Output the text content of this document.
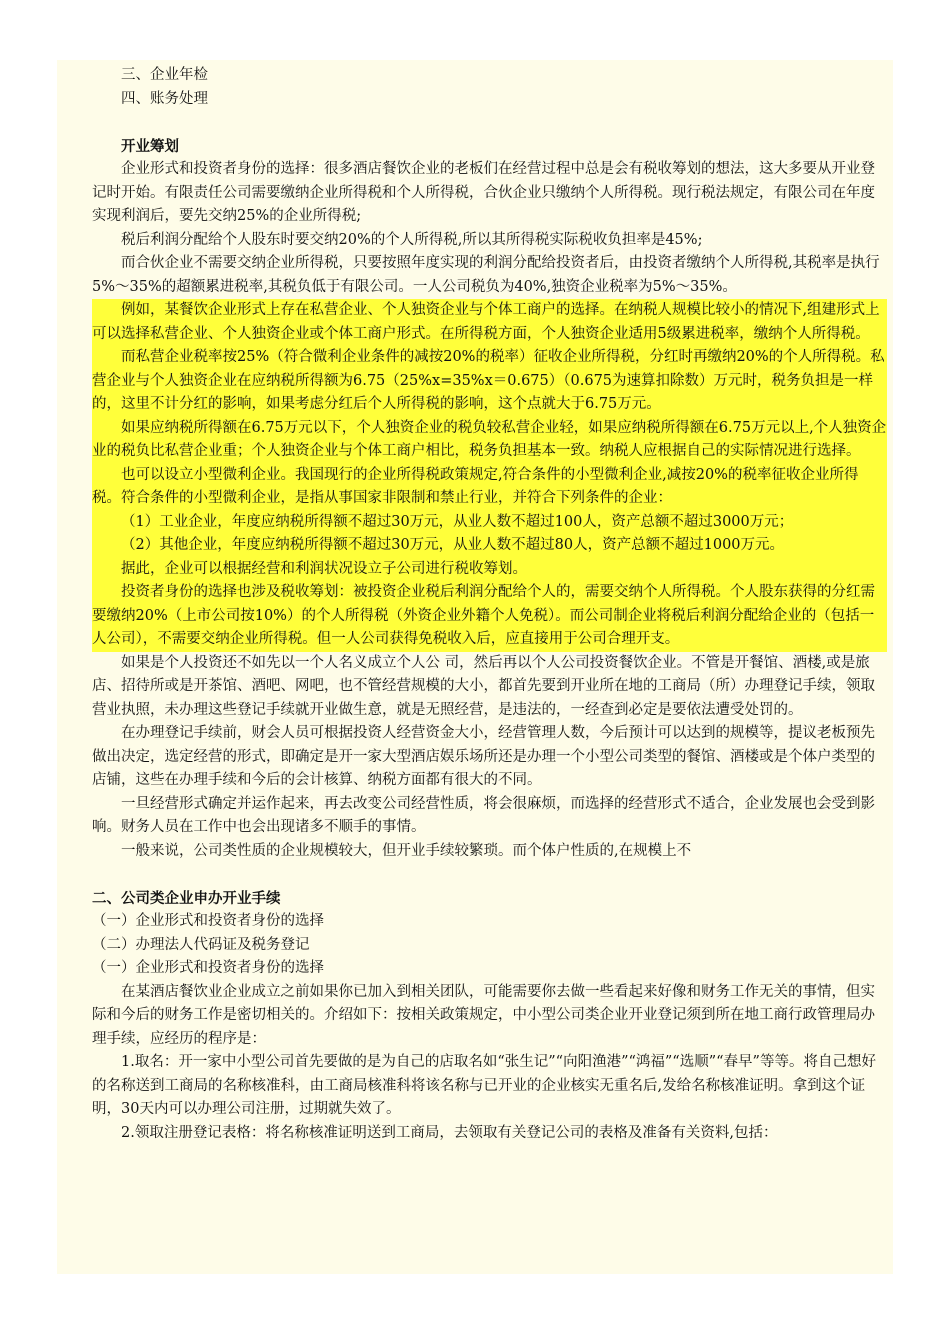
三、企业年检
四、账务处理
开业筹划

企业形式和投资者身份的选择：很多酒店餐饮企业的老板们在经营过程中总是会有税收筹划的想法，这大多要从开业登记时开始。有限责任公司需要缴纳企业所得税和个人所得税，合伙企业只缴纳个人所得税。现行税法规定，有限公司在年度实现利润后，要先交纳25%的企业所得税;

税后利润分配给个人股东时要交纳20%的个人所得税,所以其所得税实际税收负担率是45%;

而合伙企业不需要交纳企业所得税，只要按照年度实现的利润分配给投资者后，由投资者缴纳个人所得税,其税率是执行5%～35%的超额累进税率,其税负低于有限公司。一人公司税负为40%,独资企业税率为5%～35%。

例如，某餐饮企业形式上存在私营企业、个人独资企业与个体工商户的选择。在纳税人规模比较小的情况下,组建形式上可以选择私营企业、个人独资企业或个体工商户形式。在所得税方面，个人独资企业适用5级累进税率，缴纳个人所得税。

而私营企业税率按25%（符合微利企业条件的减按20%的税率）征收企业所得税，分红时再缴纳20%的个人所得税。私营企业与个人独资企业在应纳税所得额为6.75（25%x=35%x＝0.675）（0.675为速算扣除数）万元时，税务负担是一样的，这里不计分红的影响，如果考虑分红后个人所得税的影响，这个点就大于6.75万元。

如果应纳税所得额在6.75万元以下，个人独资企业的税负较私营企业轻，如果应纳税所得额在6.75万元以上,个人独资企业的税负比私营企业重；个人独资企业与个体工商户相比，税务负担基本一致。纳税人应根据自己的实际情况进行选择。

也可以设立小型微利企业。我国现行的企业所得税政策规定,符合条件的小型微利企业,减按20%的税率征收企业所得税。符合条件的小型微利企业，是指从事国家非限制和禁止行业，并符合下列条件的企业：

（1）工业企业，年度应纳税所得额不超过30万元，从业人数不超过100人，资产总额不超过3000万元；

（2）其他企业，年度应纳税所得额不超过30万元，从业人数不超过80人，资产总额不超过1000万元。

据此，企业可以根据经营和利润状况设立子公司进行税收筹划。

投资者身份的选择也涉及税收筹划：被投资企业税后利润分配给个人的，需要交纳个人所得税。个人股东获得的分红需要缴纳20%（上市公司按10%）的个人所得税（外资企业外籍个人免税）。而公司制企业将税后利润分配给企业的（包括一人公司），不需要交纳企业所得税。但一人公司获得免税收入后，应直接用于公司合理开支。

如果是个人投资还不如先以一个人名义成立个人公 司，然后再以个人公司投资餐饮企业。不管是开餐馆、酒楼,或是旅店、招待所或是开茶馆、酒吧、网吧，也不管经营规模的大小，都首先要到开业所在地的工商局（所）办理登记手续，领取营业执照，未办理这些登记手续就开业做生意，就是无照经营，是违法的，一经查到必定是要依法遭受处罚的。

在办理登记手续前，财会人员可根据投资人经营资金大小，经营管理人数，今后预计可以达到的规模等，提议老板预先做出决定，选定经营的形式，即确定是开一家大型酒店娱乐场所还是办理一个小型公司类型的餐馆、酒楼或是个体户类型的店铺，这些在办理手续和今后的会计核算、纳税方面都有很大的不同。

一旦经营形式确定并运作起来，再去改变公司经营性质，将会很麻烦，而选择的经营形式不适合，企业发展也会受到影响。财务人员在工作中也会出现诸多不顺手的事情。

一般来说，公司类性质的企业规模较大，但开业手续较繁琐。而个体户性质的,在规模上不

二、公司类企业申办开业手续
（一）企业形式和投资者身份的选择
（二）办理法人代码证及税务登记
（一）企业形式和投资者身份的选择

在某酒店餐饮业企业成立之前如果你已加入到相关团队，可能需要你去做一些看起来好像和财务工作无关的事情，但实际和今后的财务工作是密切相关的。介绍如下：按相关政策规定，中小型公司类企业开业登记须到所在地工商行政管理局办理手续，应经历的程序是：

1.取名：开一家中小型公司首先要做的是为自己的店取名如“张生记”“向阳渔港”“鸿福”“选顺”“春早”等等。将自己想好的名称送到工商局的名称核准科，由工商局核准科将该名称与已开业的企业核实无重名后,发给名称核准证明。拿到这个证明，30天内可以办理公司注册，过期就失效了。

2.领取注册登记表格：将名称核准证明送到工商局，去领取有关登记公司的表格及准备有关资料,包括：
